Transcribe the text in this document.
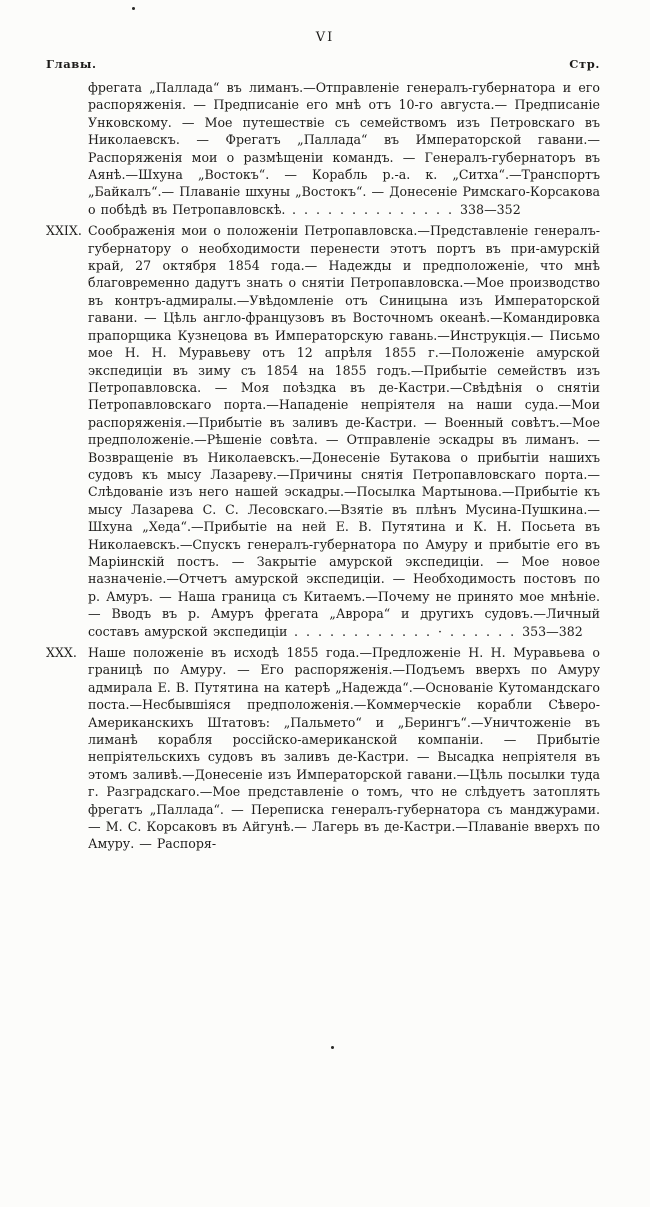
VI
Главы.	Стр.

фрегата „Паллада“ въ лиманъ.—Отправленіе генералъ-губернатора и его распоряженія. — Предписаніе его мнѣ отъ 10-го августа.— Предписаніе Унковскому. — Мое путешествіе съ семействомъ изъ Петровскаго въ Николаевскъ. — Фрегатъ „Паллада“ въ Императорской гавани.—Распоряженія мои о размѣщеніи командъ. — Генералъ-губернаторъ въ Аянѣ.—Шхуна „Востокъ“. — Корабль р.-а. к. „Ситха“.—Транспортъ „Байкалъ“.— Плаваніе шхуны „Востокъ“. — Донесеніе Римскаго-Корсакова о побѣдѣ въ Петропавловскѣ. . . . . . . . . . . . . . . 338—352

XXIX. Соображенія мои о положеніи Петропавловска.—Представленіе генералъ-губернатору о необходимости перенести этотъ портъ въ при-амурскій край, 27 октября 1854 года.— Надежды и предположеніе, что мнѣ благовременно дадутъ знать о снятіи Петропавловска.—Мое производство въ контръ-адмиралы.—Увѣдомленіе отъ Синицына изъ Императорской гавани. — Цѣль англо-французовъ въ Восточномъ океанѣ.—Командировка прапорщика Кузнецова въ Императорскую гавань.—Инструкція.— Письмо мое Н. Н. Муравьеву отъ 12 апрѣля 1855 г.—Положеніе амурской экспедиціи въ зиму съ 1854 на 1855 годъ.—Прибытіе семействъ изъ Петропавловска. — Моя поѣздка въ де-Кастри.—Свѣдѣнія о снятіи Петропавловскаго порта.—Нападеніе непріятеля на наши суда.—Мои распоряженія.—Прибытіе въ заливъ де-Кастри. — Военный совѣтъ.—Мое предположеніе.—Рѣшеніе совѣта. — Отправленіе эскадры въ лиманъ. — Возвращеніе въ Николаевскъ.—Донесеніе Бутакова о прибытіи нашихъ судовъ къ мысу Лазареву.—Причины снятія Петропавловскаго порта.—Слѣдованіе изъ него нашей эскадры.—Посылка Мартынова.—Прибытіе къ мысу Лазарева С. С. Лесовскаго.—Взятіе въ плѣнъ Мусина-Пушкина.—Шхуна „Хеда“.—Прибытіе на ней Е. В. Путятина и К. Н. Посьета въ Николаевскъ.—Спускъ генералъ-губернатора по Амуру и прибытіе его въ Маріинскій постъ. — Закрытіе амурской экспедиціи. — Мое новое назначеніе.—Отчетъ амурской экспедиціи. — Необходимость постовъ по р. Амуръ. — Наша граница съ Китаемъ.—Почему не принято мое мнѣніе. — Вводъ въ р. Амуръ фрегата „Аврора“ и другихъ судовъ.—Личный составъ амурской экспедиціи . . . . . . . . . . . . · . . . . . . 353—382

XXX. Наше положеніе въ исходѣ 1855 года.—Предложеніе Н. Н. Муравьева о границѣ по Амуру. — Его распоряженія.—Подъемъ вверхъ по Амуру адмирала Е. В. Путятина на катерѣ „Надежда“.—Основаніе Кутомандскаго поста.—Несбывшіяся предположенія.—Коммерческіе корабли Сѣверо-Американскихъ Штатовъ: „Пальмето“ и „Берингъ“.—Уничтоженіе въ лиманѣ корабля россійско-американской компаніи. — Прибытіе непріятельскихъ судовъ въ заливъ де-Кастри. — Высадка непріятеля въ этомъ заливѣ.—Донесеніе изъ Императорской гавани.—Цѣль посылки туда г. Разградскаго.—Мое представленіе о томъ, что не слѣдуетъ затоплять фрегатъ „Паллада“. — Переписка генералъ-губернатора съ манджурами. — М. С. Корсаковъ въ Айгунѣ.— Лагерь въ де-Кастри.—Плаваніе вверхъ по Амуру. — Распоря-
